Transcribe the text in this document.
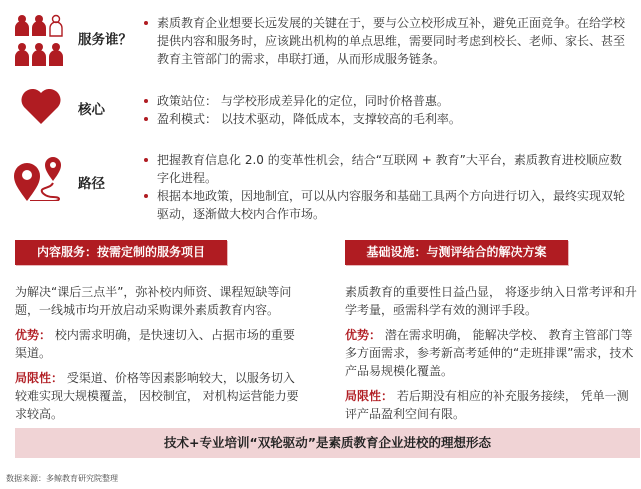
服务谁？
素质教育企业想要长远发展的关键在于，要与公立校形成互补，避免正面竞争。在给学校提供内容和服务时，应该跳出机构的单点思维，需要同时考虑到校长、老师、家长、甚至教育主管部门的需求，串联打通，从而形成服务链条。
核心
政策站位： 与学校形成差异化的定位，同时价格普惠。
盈利模式： 以技术驱动，降低成本，支撑较高的毛利率。
路径
把握教育信息化 2.0 的变革性机会，结合“互联网 + 教育”大平台，素质教育进校顺应数字化进程。
根据本地政策，因地制宜，可以从内容服务和基础工具两个方向进行切入，最终实现双轮驱动，逐渐做大校内合作市场。
内容服务：按需定制的服务项目	基础设施：与测评结合的解决方案

为解决“课后三点半”，弥补校内师资、课程短缺等问题，一线城市均开放启动采购课外素质教育内容。

优势： 校内需求明确，是快速切入、占据市场的重要渠道。

局限性： 受渠道、价格等因素影响较大，以服务切入较难实现大规模覆盖， 因校制宜， 对机构运营能力要求较高。

素质教育的重要性日益凸显， 将逐步纳入日常考评和升学考量，亟需科学有效的测评手段。

优势： 潜在需求明确， 能解决学校、 教育主管部门等多方面需求，参考新高考延伸的“走班排课”需求，技术产品易规模化覆盖。

局限性： 若后期没有相应的补充服务接续， 凭单一测评产品盈利空间有限。

技术+专业培训“双轮驱动”是素质教育企业进校的理想形态
数据来源：多鲸教育研究院整理
